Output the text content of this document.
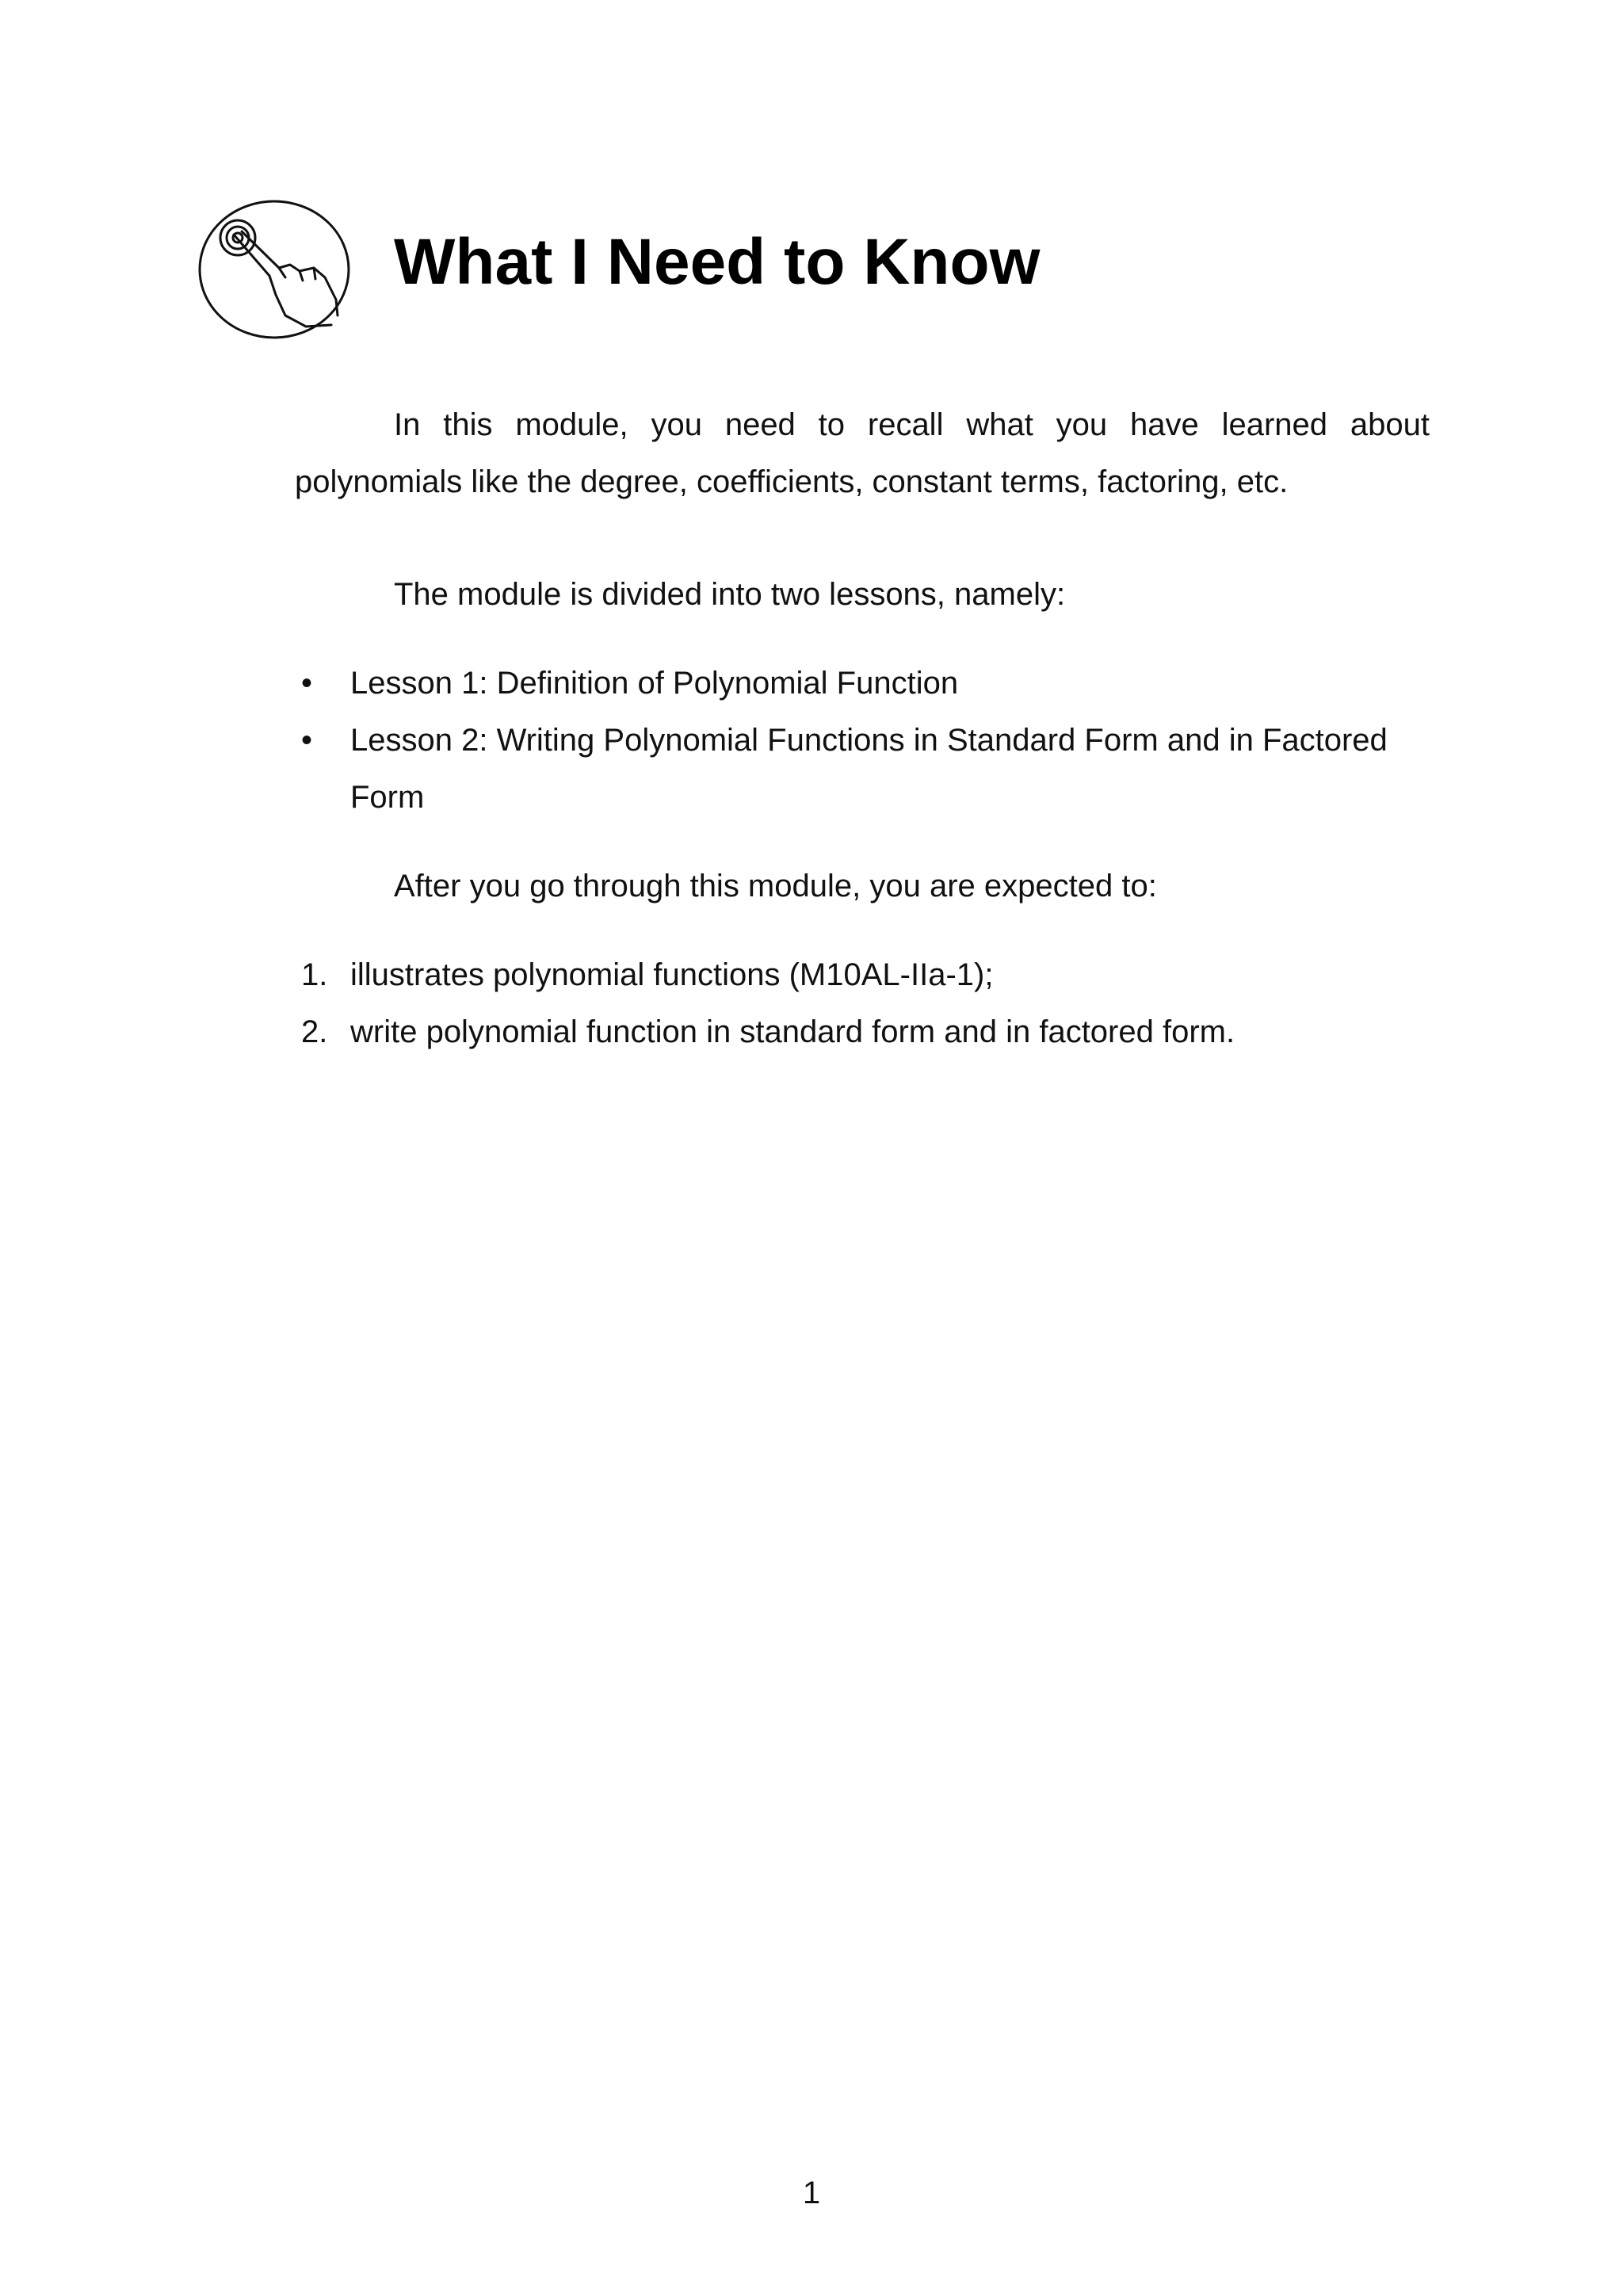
What I Need to Know

In this module, you need to recall what you have learned about polynomials like the degree, coefficients, constant terms, factoring, etc.

The module is divided into two lessons, namely:

• Lesson 1: Definition of Polynomial Function
• Lesson 2: Writing Polynomial Functions in Standard Form and in Factored Form

After you go through this module, you are expected to:

1. illustrates polynomial functions (M10AL-IIa-1);
2. write polynomial function in standard form and in factored form.
1
